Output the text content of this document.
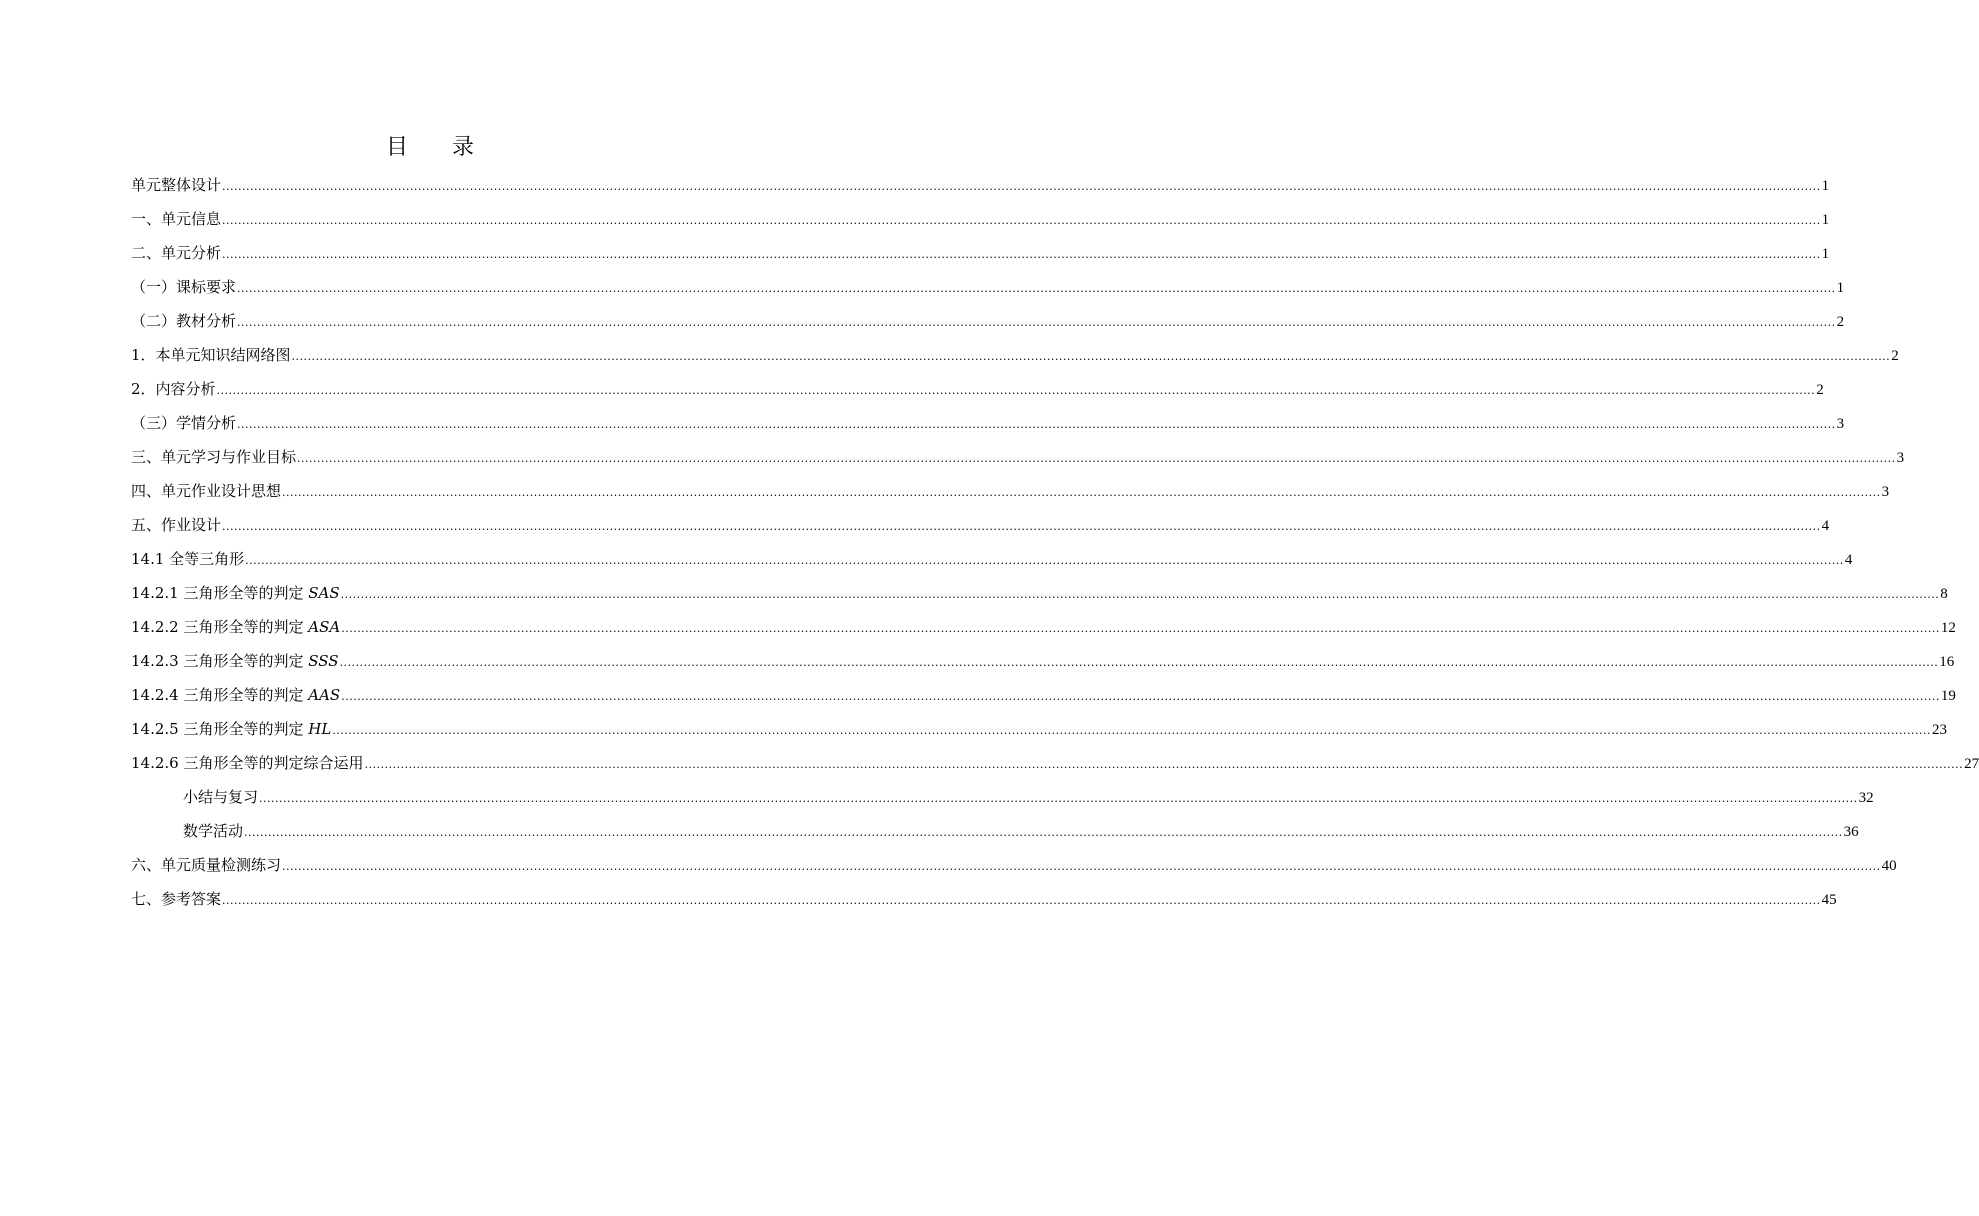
目 录
单元整体设计 ................................................................................................................................................................................................................................................................................................................................................................................................................ 1
一、单元信息 ................................................................................................................................................................................................................................................................................................................................................................................................................ 1
二、单元分析 ................................................................................................................................................................................................................................................................................................................................................................................................................ 1
（一）课标要求 ................................................................................................................................................................................................................................................................................................................................................................................................................ 1
（二）教材分析 ................................................................................................................................................................................................................................................................................................................................................................................................................ 2
1．本单元知识结网络图 ................................................................................................................................................................................................................................................................................................................................................................................................................ 2
2．内容分析 ................................................................................................................................................................................................................................................................................................................................................................................................................ 2
（三）学情分析 ................................................................................................................................................................................................................................................................................................................................................................................................................ 3
三、单元学习与作业目标 ................................................................................................................................................................................................................................................................................................................................................................................................................ 3
四、单元作业设计思想 ................................................................................................................................................................................................................................................................................................................................................................................................................ 3
五、作业设计 ................................................................................................................................................................................................................................................................................................................................................................................................................ 4
14.1 全等三角形 ................................................................................................................................................................................................................................................................................................................................................................................................................ 4
14.2.1 三角形全等的判定 SAS ................................................................................................................................................................................................................................................................................................................................................................................................................ 8
14.2.2 三角形全等的判定 ASA ................................................................................................................................................................................................................................................................................................................................................................................................................ 12
14.2.3 三角形全等的判定 SSS ................................................................................................................................................................................................................................................................................................................................................................................................................ 16
14.2.4 三角形全等的判定 AAS ................................................................................................................................................................................................................................................................................................................................................................................................................ 19
14.2.5 三角形全等的判定 HL ................................................................................................................................................................................................................................................................................................................................................................................................................ 23
14.2.6 三角形全等的判定综合运用 ................................................................................................................................................................................................................................................................................................................................................................................................................ 27
小结与复习 ................................................................................................................................................................................................................................................................................................................................................................................................................ 32
数学活动 ................................................................................................................................................................................................................................................................................................................................................................................................................ 36
六、单元质量检测练习 ................................................................................................................................................................................................................................................................................................................................................................................................................ 40
七、参考答案 ................................................................................................................................................................................................................................................................................................................................................................................................................ 45
